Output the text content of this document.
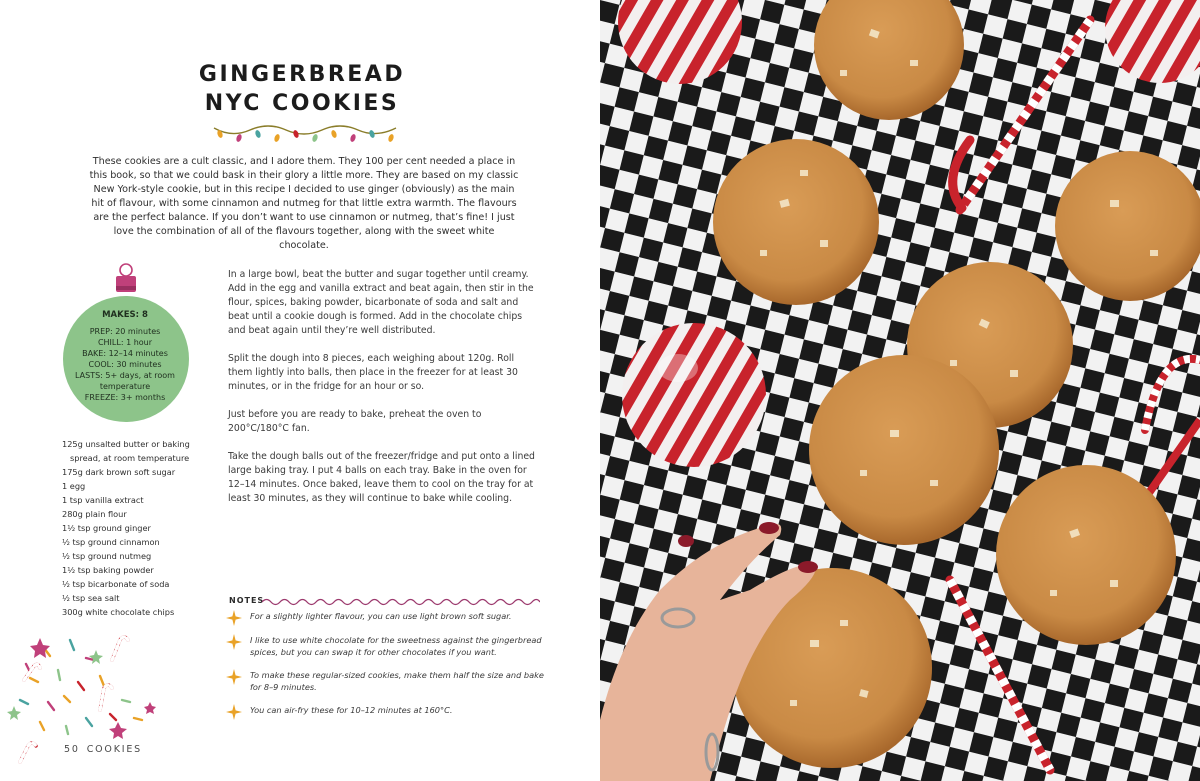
GINGERBREAD
NYC COOKIES

These cookies are a cult classic, and I adore them. They 100 per cent needed a place in this book, so that we could bask in their glory a little more. They are based on my classic New York-style cookie, but in this recipe I decided to use ginger (obviously) as the main hit of flavour, with some cinnamon and nutmeg for that little extra warmth. The flavours are the perfect balance. If you don’t want to use cinnamon or nutmeg, that’s fine! I just love the combination of all of the flavours together, along with the sweet white chocolate.

MAKES: 8
PREP: 20 minutes
CHILL: 1 hour
BAKE: 12–14 minutes
COOL: 30 minutes
LASTS: 5+ days, at room temperature
FREEZE: 3+ months
125g unsalted butter or baking spread, at room temperature
175g dark brown soft sugar
1 egg
1 tsp vanilla extract
280g plain flour
1½ tsp ground ginger
½ tsp ground cinnamon
½ tsp ground nutmeg
1½ tsp baking powder
½ tsp bicarbonate of soda
½ tsp sea salt
300g white chocolate chips

In a large bowl, beat the butter and sugar together until creamy. Add in the egg and vanilla extract and beat again, then stir in the flour, spices, baking powder, bicarbonate of soda and salt and beat until a cookie dough is formed. Add in the chocolate chips and beat again until they’re well distributed.

Split the dough into 8 pieces, each weighing about 120g. Roll them lightly into balls, then place in the freezer for at least 30 minutes, or in the fridge for an hour or so.

Just before you are ready to bake, preheat the oven to 200°C/180°C fan.

Take the dough balls out of the freezer/fridge and put onto a lined large baking tray. I put 4 balls on each tray. Bake in the oven for 12–14 minutes. Once baked, leave them to cool on the tray for at least 30 minutes, as they will continue to bake while cooling.

NOTES
For a slightly lighter flavour, you can use light brown soft sugar.
I like to use white chocolate for the sweetness against the gingerbread spices, but you can swap it for other chocolates if you want.
To make these regular-sized cookies, make them half the size and bake for 8–9 minutes.
You can air-fry these for 10–12 minutes at 160°C.
50 COOKIES
